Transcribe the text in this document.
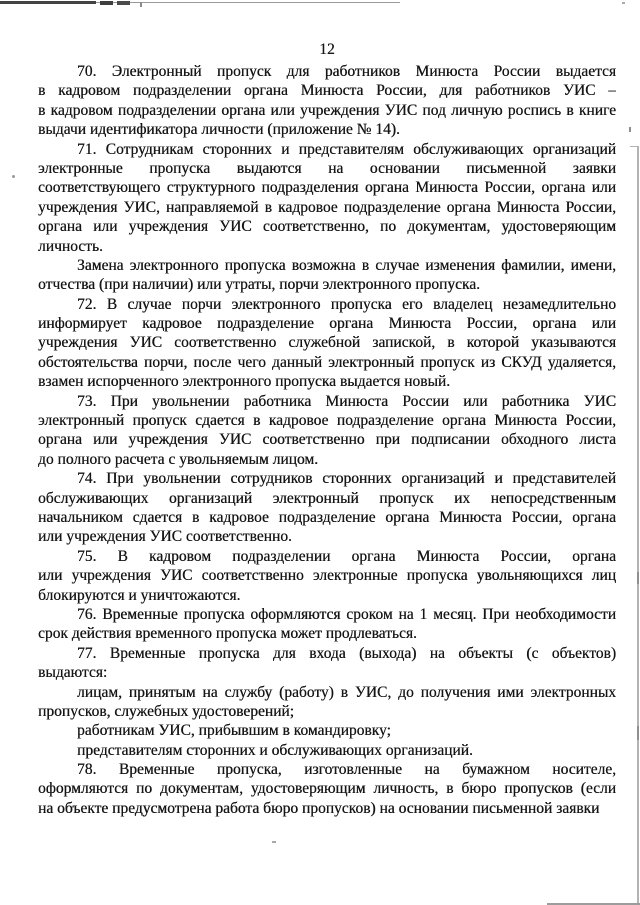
12
70. Электронный пропуск для работников Минюста России выдается
в кадровом подразделении органа Минюста России, для работников УИС –
в кадровом подразделении органа или учреждения УИС под личную роспись в книге
выдачи идентификатора личности (приложение № 14).
71. Сотрудникам сторонних и представителям обслуживающих организаций
электронные пропуска выдаются на основании письменной заявки
соответствующего структурного подразделения органа Минюста России, органа или
учреждения УИС, направляемой в кадровое подразделение органа Минюста России,
органа или учреждения УИС соответственно, по документам, удостоверяющим
личность.
Замена электронного пропуска возможна в случае изменения фамилии, имени,
отчества (при наличии) или утраты, порчи электронного пропуска.
72. В случае порчи электронного пропуска его владелец незамедлительно
информирует кадровое подразделение органа Минюста России, органа или
учреждения УИС соответственно служебной запиской, в которой указываются
обстоятельства порчи, после чего данный электронный пропуск из СКУД удаляется,
взамен испорченного электронного пропуска выдается новый.
73. При увольнении работника Минюста России или работника УИС
электронный пропуск сдается в кадровое подразделение органа Минюста России,
органа или учреждения УИС соответственно при подписании обходного листа
до полного расчета с увольняемым лицом.
74. При увольнении сотрудников сторонних организаций и представителей
обслуживающих организаций электронный пропуск их непосредственным
начальником сдается в кадровое подразделение органа Минюста России, органа
или учреждения УИС соответственно.
75. В кадровом подразделении органа Минюста России, органа
или учреждения УИС соответственно электронные пропуска увольняющихся лиц
блокируются и уничтожаются.
76. Временные пропуска оформляются сроком на 1 месяц. При необходимости
срок действия временного пропуска может продлеваться.
77. Временные пропуска для входа (выхода) на объекты (с объектов)
выдаются:
лицам, принятым на службу (работу) в УИС, до получения ими электронных
пропусков, служебных удостоверений;
работникам УИС, прибывшим в командировку;
представителям сторонних и обслуживающих организаций.
78. Временные пропуска, изготовленные на бумажном носителе,
оформляются по документам, удостоверяющим личность, в бюро пропусков (если
на объекте предусмотрена работа бюро пропусков) на основании письменной заявки
